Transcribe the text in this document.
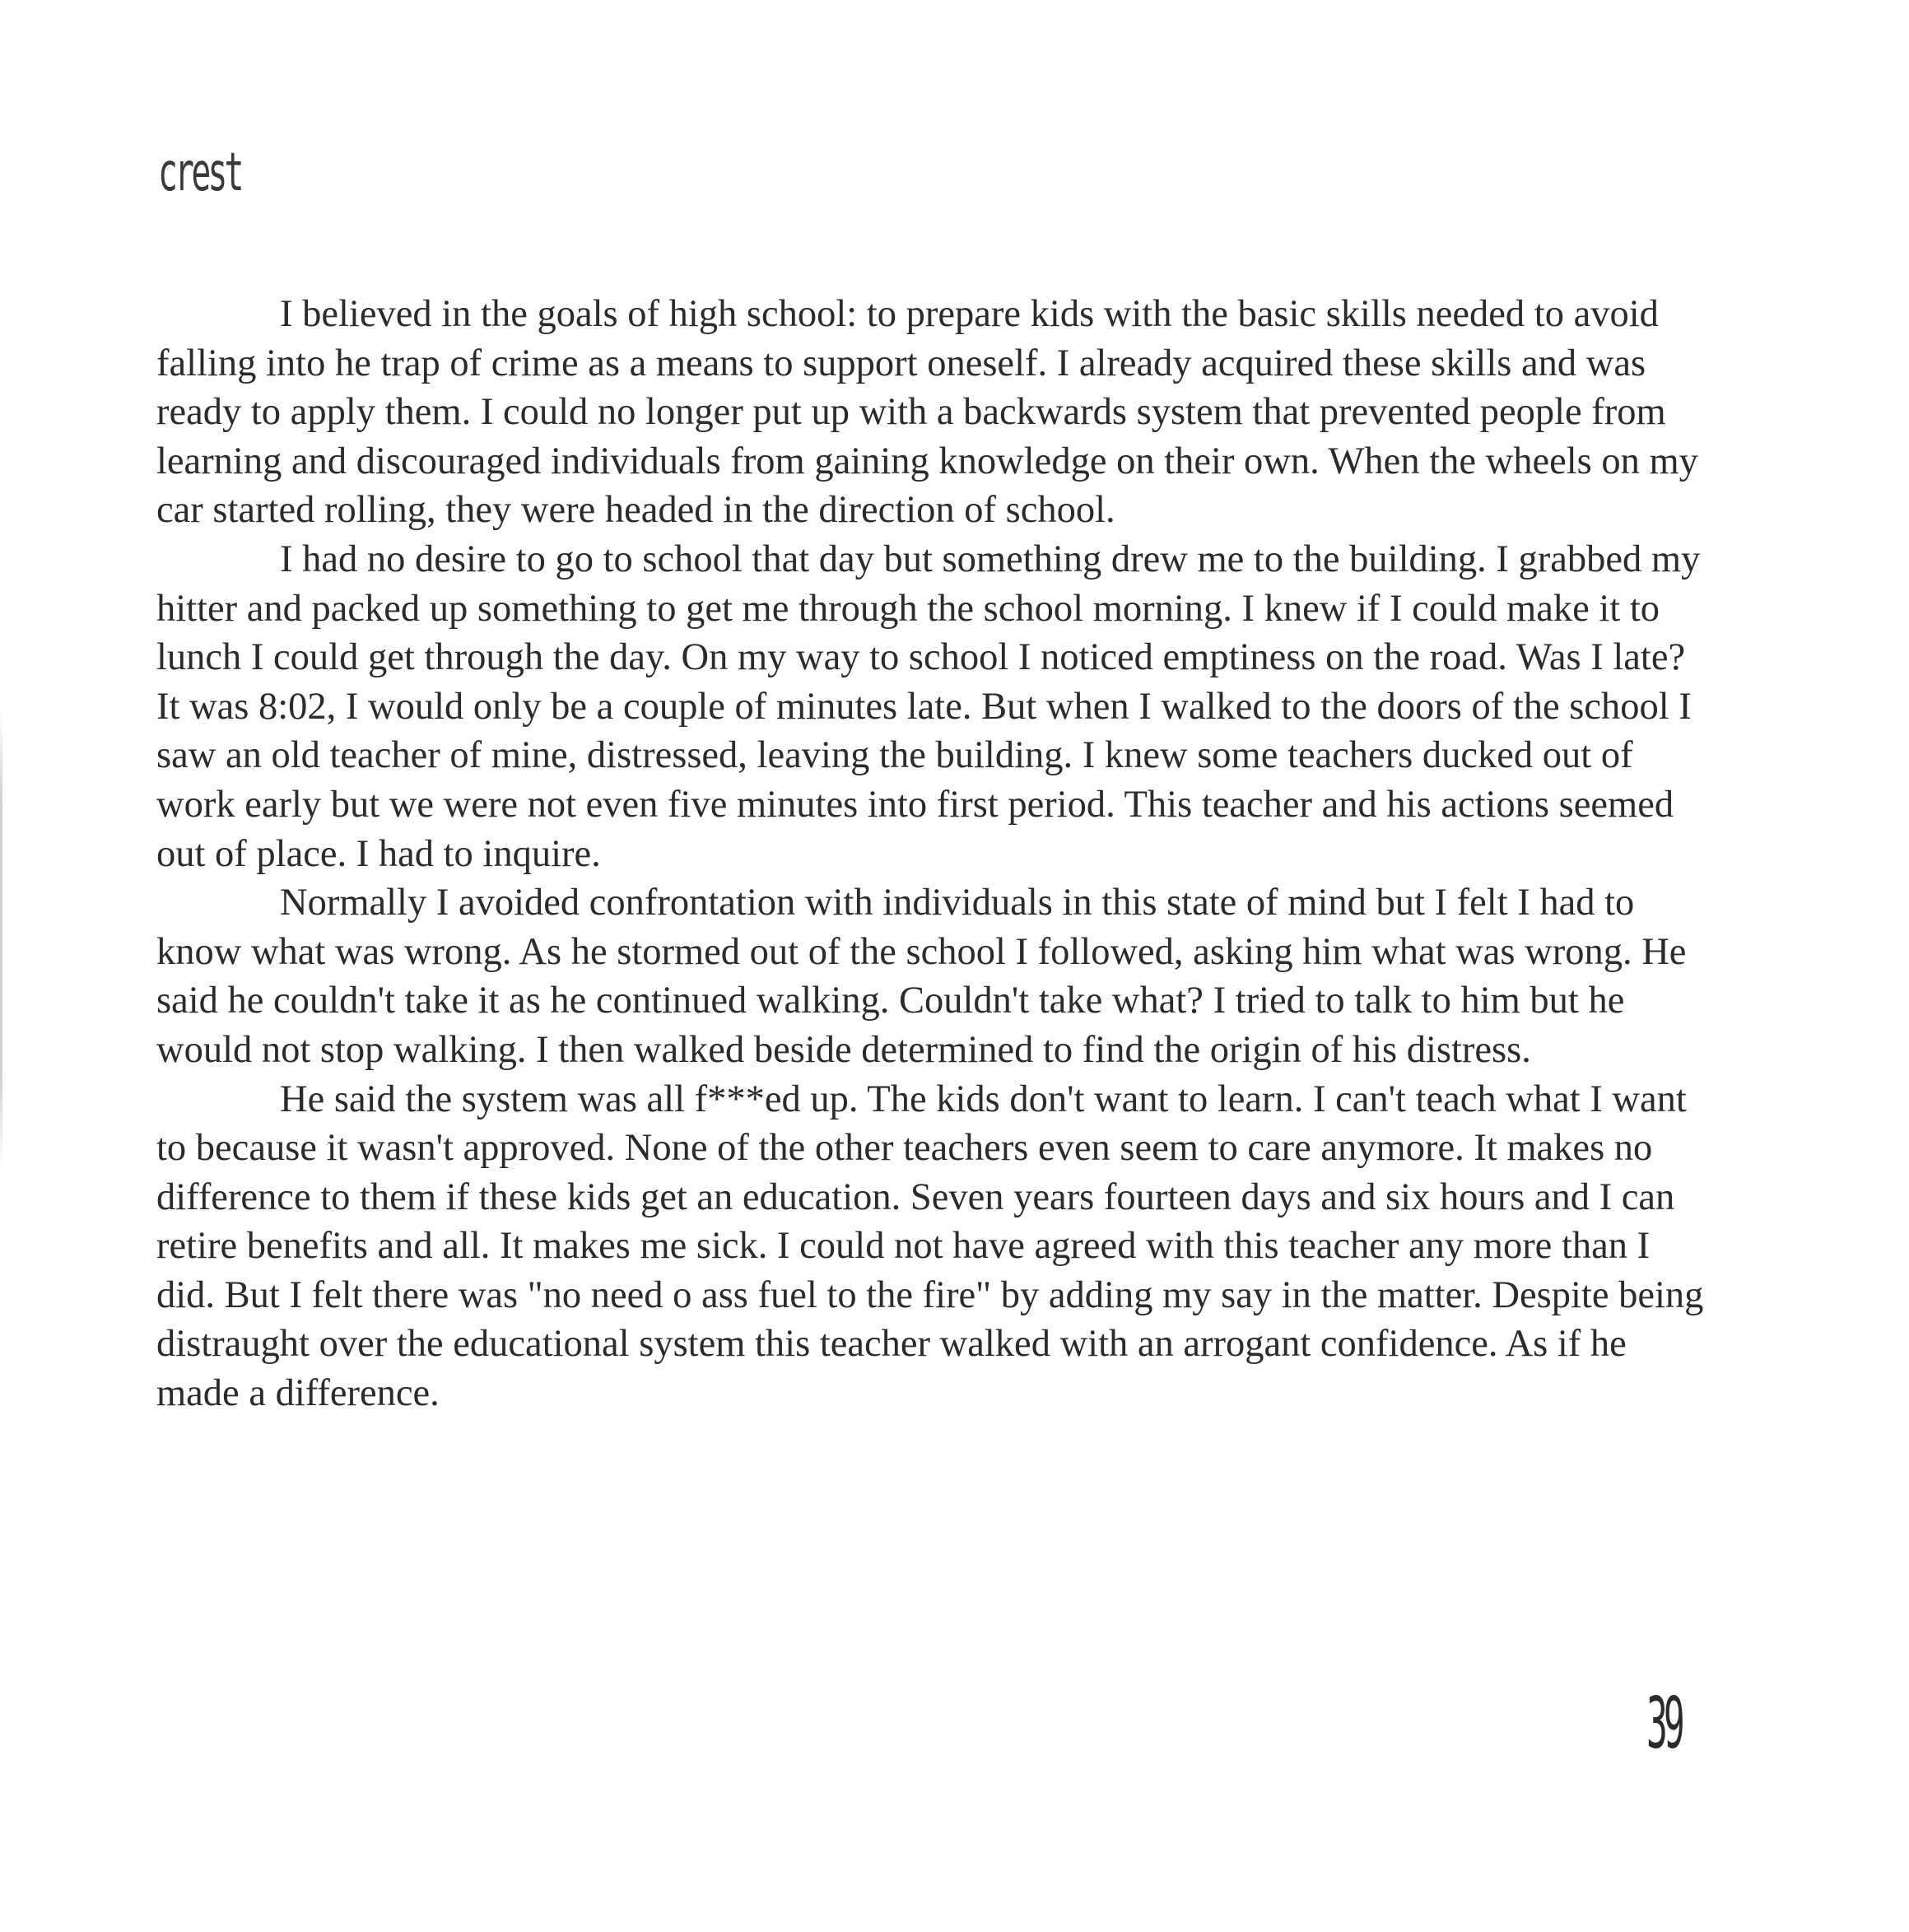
crest

I believed in the goals of high school: to prepare kids with the basic skills needed to avoid falling into he trap of crime as a means to support oneself. I already acquired these skills and was ready to apply them. I could no longer put up with a backwards system that prevented people from learning and discouraged individuals from gaining knowledge on their own. When the wheels on my car started rolling, they were headed in the direction of school.

I had no desire to go to school that day but something drew me to the building. I grabbed my hitter and packed up something to get me through the school morning. I knew if I could make it to lunch I could get through the day. On my way to school I noticed emptiness on the road. Was I late? It was 8:02, I would only be a couple of minutes late. But when I walked to the doors of the school I saw an old teacher of mine, distressed, leaving the building. I knew some teachers ducked out of work early but we were not even five minutes into first period. This teacher and his actions seemed out of place. I had to inquire.

Normally I avoided confrontation with individuals in this state of mind but I felt I had to know what was wrong. As he stormed out of the school I followed, asking him what was wrong. He said he couldn't take it as he continued walking. Couldn't take what? I tried to talk to him but he would not stop walking. I then walked beside determined to find the origin of his distress.

He said the system was all f***ed up. The kids don't want to learn. I can't teach what I want to because it wasn't approved. None of the other teachers even seem to care anymore. It makes no difference to them if these kids get an education. Seven years fourteen days and six hours and I can retire benefits and all. It makes me sick. I could not have agreed with this teacher any more than I did. But I felt there was "no need o ass fuel to the fire" by adding my say in the matter. Despite being distraught over the educational system this teacher walked with an arrogant confidence. As if he made a difference.

39
